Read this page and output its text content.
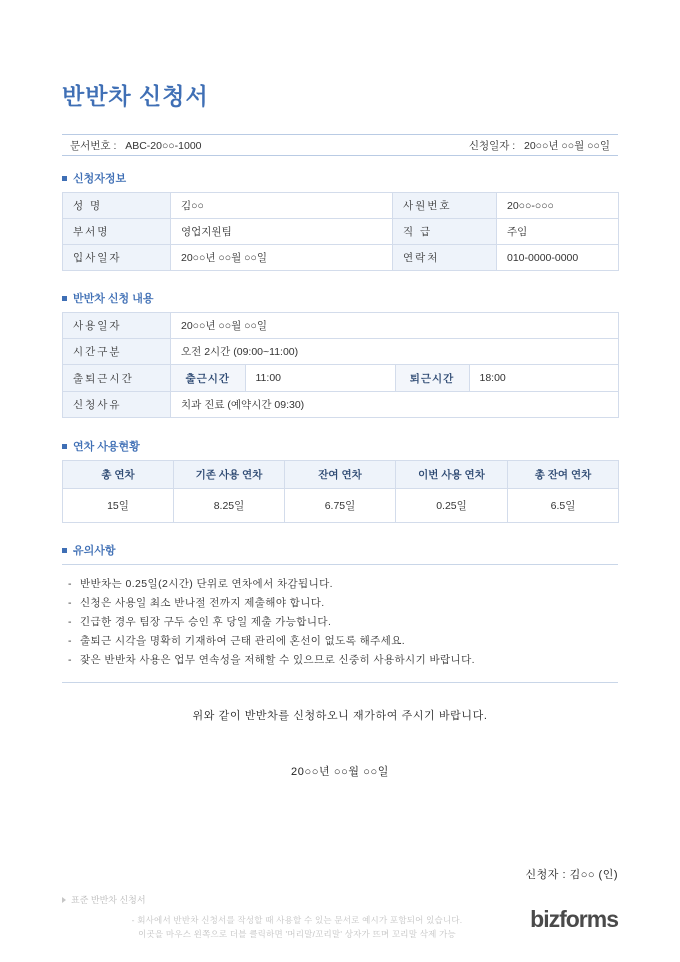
반반차 신청서
문서번호 : ABC-20○○-1000	신청일자 : 20○○년 ○○월 ○○일
신청자정보
성 명	김○○	사원번호	20○○-○○○
부서명	영업지원팀	직 급	주임
입사일자	20○○년 ○○월 ○○일	연락처	010-0000-0000
반반차 신청 내용
사용일자	20○○년 ○○월 ○○일
시간구분	오전 2시간 (09:00~11:00)
출퇴근시간		출근시간	11:00	퇴근시간	18:00

신청사유	치과 진료 (예약시간 09:30)
연차 사용현황
총 연차	기존 사용 연차	잔여 연차	이번 사용 연차	총 잔여 연차
15일	8.25일	6.75일	0.25일	6.5일
유의사항
- 반반차는 0.25일(2시간) 단위로 연차에서 차감됩니다.
- 신청은 사용일 최소 반나절 전까지 제출해야 합니다.
- 긴급한 경우 팀장 구두 승인 후 당일 제출 가능합니다.
- 출퇴근 시각을 명확히 기재하여 근태 관리에 혼선이 없도록 해주세요.
- 잦은 반반차 사용은 업무 연속성을 저해할 수 있으므로 신중히 사용하시기 바랍니다.
위와 같이 반반차를 신청하오니 재가하여 주시기 바랍니다.
20○○년 ○○월 ○○일
신청자 : 김○○ (인)
표준 반반차 신청서
- 회사에서 반반차 신청서를 작성할 때 사용할 수 있는 문서로 예시가 포함되어 있습니다.
이곳을 마우스 왼쪽으로 더블 클릭하면 '머리말/꼬리말' 상자가 뜨며 꼬리말 삭제 가능
bizforms
